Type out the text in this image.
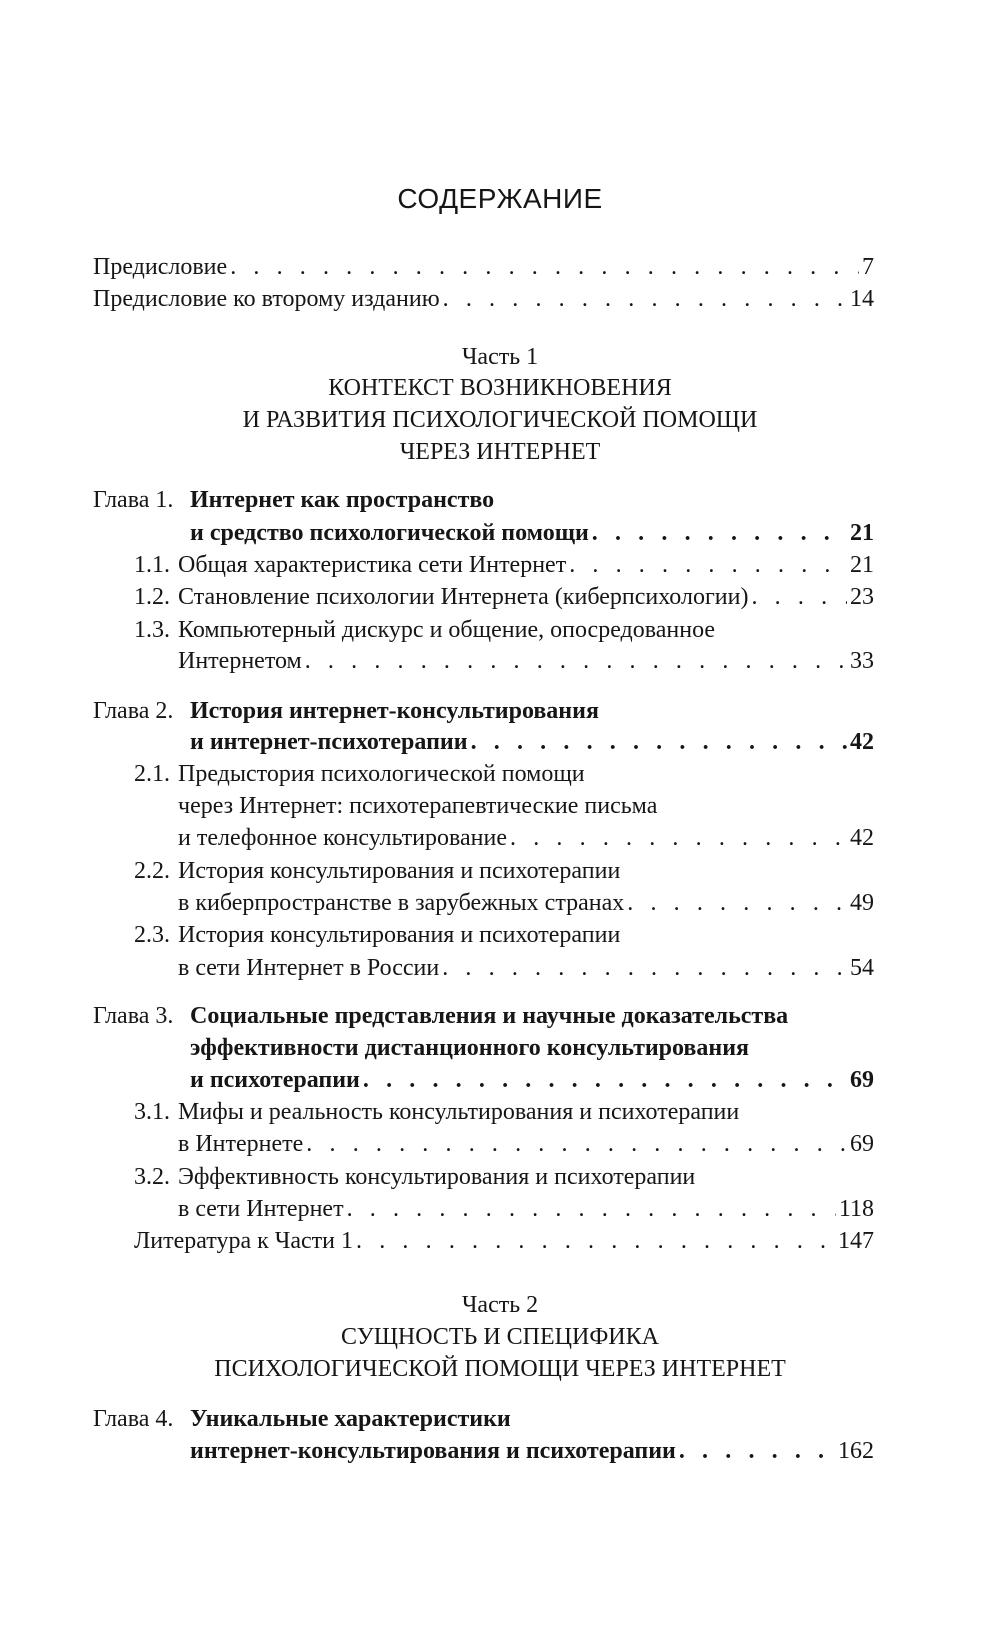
СОДЕРЖАНИЕ
Предисловие . . .	7
Предисловие ко второму изданию . . .	14
Часть 1
КОНТЕКСТ ВОЗНИКНОВЕНИЯ
И РАЗВИТИЯ ПСИХОЛОГИЧЕСКОЙ ПОМОЩИ
ЧЕРЕЗ ИНТЕРНЕТ
Глава 1. Интернет как пространство
и средство психологической помощи . . .	21
1.1. Общая характеристика сети Интернет . . .	21
1.2. Становление психологии Интернета (киберпсихологии) . . .	23
1.3. Компьютерный дискурс и общение, опосредованное
Интернетом . . .	33
Глава 2. История интернет-консультирования
и интернет-психотерапии . . .	42
2.1. Предыстория психологической помощи
через Интернет: психотерапевтические письма
и телефонное консультирование . . .	42
2.2. История консультирования и психотерапии
в киберпространстве в зарубежных странах . . .	49
2.3. История консультирования и психотерапии
в сети Интернет в России . . .	54
Глава 3. Социальные представления и научные доказательства
эффективности дистанционного консультирования
и психотерапии . . .	69
3.1. Мифы и реальность консультирования и психотерапии
в Интернете . . .	69
3.2. Эффективность консультирования и психотерапии
в сети Интернет . . .	118
Литература к Части 1 . . .	147
Часть 2
СУЩНОСТЬ И СПЕЦИФИКА
ПСИХОЛОГИЧЕСКОЙ ПОМОЩИ ЧЕРЕЗ ИНТЕРНЕТ
Глава 4. Уникальные характеристики
интернет-консультирования и психотерапии . . .	162
